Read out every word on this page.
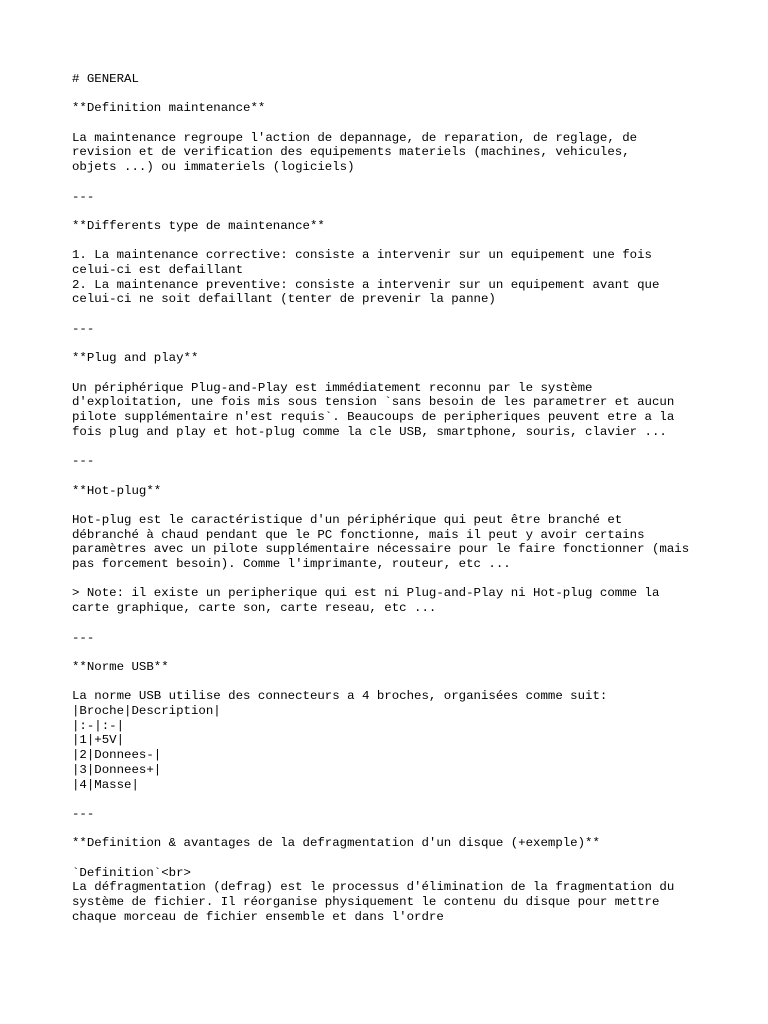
# GENERAL
**Definition maintenance**
La maintenance regroupe l'action de depannage, de reparation, de reglage, de
revision et de verification des equipements materiels (machines, vehicules,
objets ...) ou immateriels (logiciels)
---
**Differents type de maintenance**
1. La maintenance corrective: consiste a intervenir sur un equipement une fois
celui-ci est defaillant
2. La maintenance preventive: consiste a intervenir sur un equipement avant que
celui-ci ne soit defaillant (tenter de prevenir la panne)
---
**Plug and play**
Un périphérique Plug-and-Play est immédiatement reconnu par le système
d'exploitation, une fois mis sous tension `sans besoin de les parametrer et aucun
pilote supplémentaire n'est requis`. Beaucoups de peripheriques peuvent etre a la
fois plug and play et hot-plug comme la cle USB, smartphone, souris, clavier ...
---
**Hot-plug**
Hot-plug est le caractéristique d'un périphérique qui peut être branché et
débranché à chaud pendant que le PC fonctionne, mais il peut y avoir certains
paramètres avec un pilote supplémentaire nécessaire pour le faire fonctionner (mais
pas forcement besoin). Comme l'imprimante, routeur, etc ...
> Note: il existe un peripherique qui est ni Plug-and-Play ni Hot-plug comme la
carte graphique, carte son, carte reseau, etc ...
---
**Norme USB**
La norme USB utilise des connecteurs a 4 broches, organisées comme suit:
|Broche|Description|
|:-|:-|
|1|+5V|
|2|Donnees-|
|3|Donnees+|
|4|Masse|
---
**Definition & avantages de la defragmentation d'un disque (+exemple)**
`Definition`<br>
La défragmentation (defrag) est le processus d'élimination de la fragmentation du
système de fichier. Il réorganise physiquement le contenu du disque pour mettre
chaque morceau de fichier ensemble et dans l'ordre
